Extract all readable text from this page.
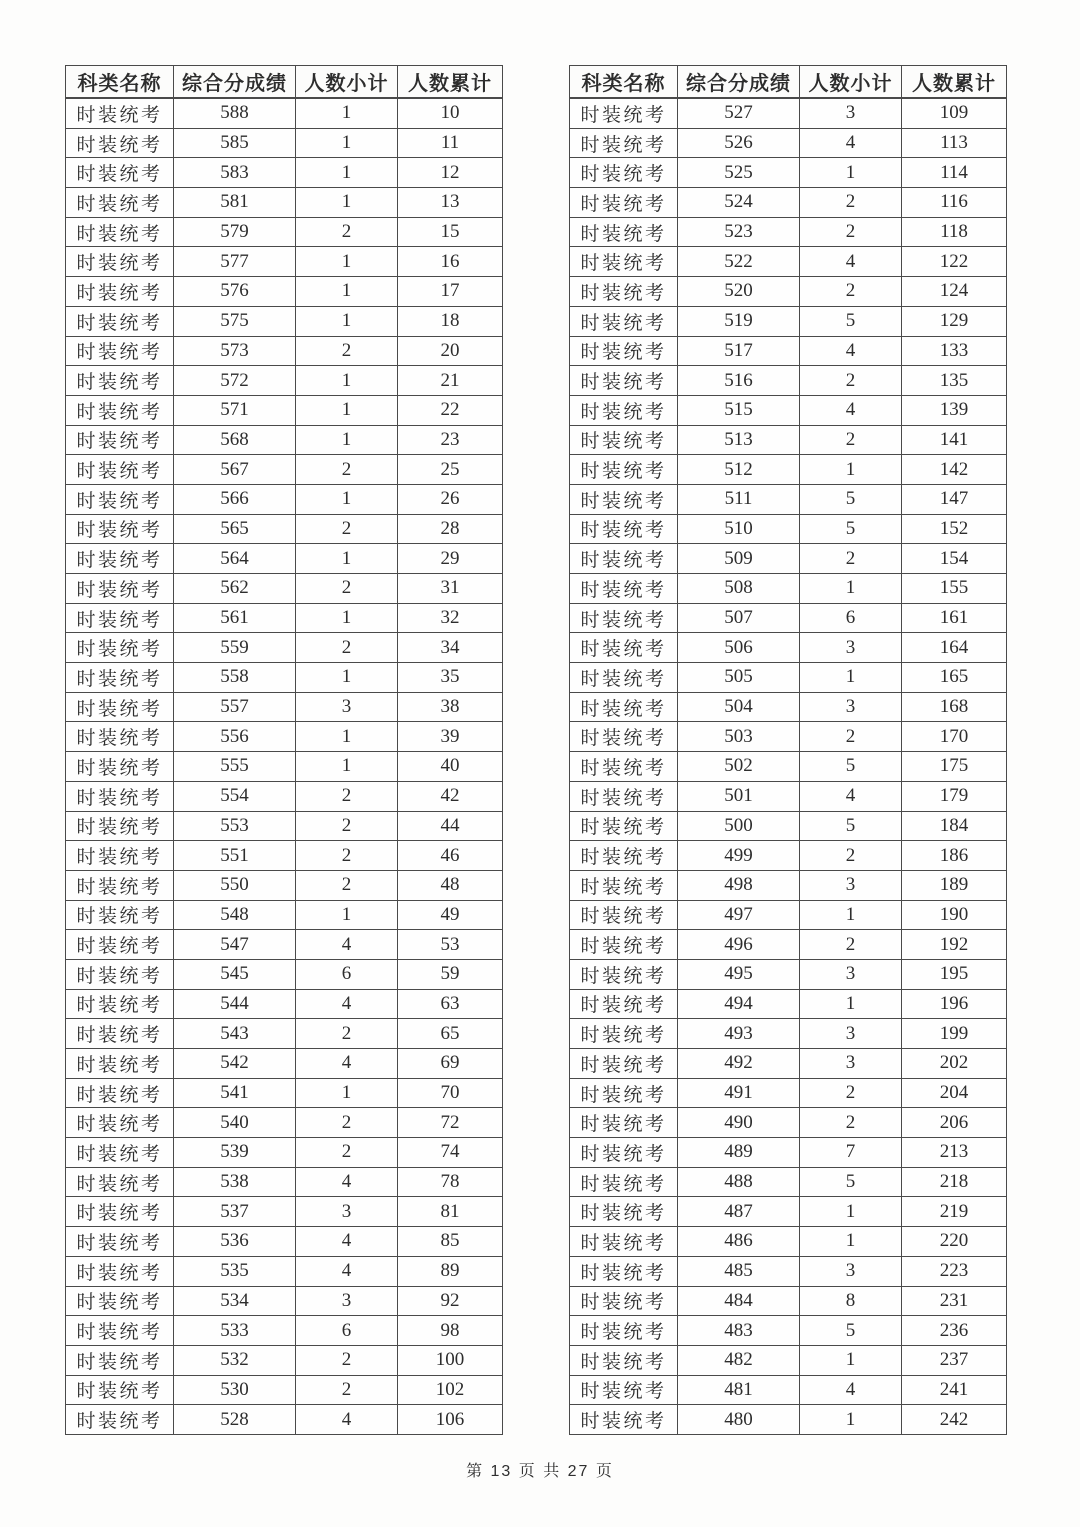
科类名称	综合分成绩	人数小计	人数累计
时装统考	588	1	10
时装统考	585	1	11
时装统考	583	1	12
时装统考	581	1	13
时装统考	579	2	15
时装统考	577	1	16
时装统考	576	1	17
时装统考	575	1	18
时装统考	573	2	20
时装统考	572	1	21
时装统考	571	1	22
时装统考	568	1	23
时装统考	567	2	25
时装统考	566	1	26
时装统考	565	2	28
时装统考	564	1	29
时装统考	562	2	31
时装统考	561	1	32
时装统考	559	2	34
时装统考	558	1	35
时装统考	557	3	38
时装统考	556	1	39
时装统考	555	1	40
时装统考	554	2	42
时装统考	553	2	44
时装统考	551	2	46
时装统考	550	2	48
时装统考	548	1	49
时装统考	547	4	53
时装统考	545	6	59
时装统考	544	4	63
时装统考	543	2	65
时装统考	542	4	69
时装统考	541	1	70
时装统考	540	2	72
时装统考	539	2	74
时装统考	538	4	78
时装统考	537	3	81
时装统考	536	4	85
时装统考	535	4	89
时装统考	534	3	92
时装统考	533	6	98
时装统考	532	2	100
时装统考	530	2	102
时装统考	528	4	106
科类名称	综合分成绩	人数小计	人数累计
时装统考	527	3	109
时装统考	526	4	113
时装统考	525	1	114
时装统考	524	2	116
时装统考	523	2	118
时装统考	522	4	122
时装统考	520	2	124
时装统考	519	5	129
时装统考	517	4	133
时装统考	516	2	135
时装统考	515	4	139
时装统考	513	2	141
时装统考	512	1	142
时装统考	511	5	147
时装统考	510	5	152
时装统考	509	2	154
时装统考	508	1	155
时装统考	507	6	161
时装统考	506	3	164
时装统考	505	1	165
时装统考	504	3	168
时装统考	503	2	170
时装统考	502	5	175
时装统考	501	4	179
时装统考	500	5	184
时装统考	499	2	186
时装统考	498	3	189
时装统考	497	1	190
时装统考	496	2	192
时装统考	495	3	195
时装统考	494	1	196
时装统考	493	3	199
时装统考	492	3	202
时装统考	491	2	204
时装统考	490	2	206
时装统考	489	7	213
时装统考	488	5	218
时装统考	487	1	219
时装统考	486	1	220
时装统考	485	3	223
时装统考	484	8	231
时装统考	483	5	236
时装统考	482	1	237
时装统考	481	4	241
时装统考	480	1	242
第 13 页 共 27 页
